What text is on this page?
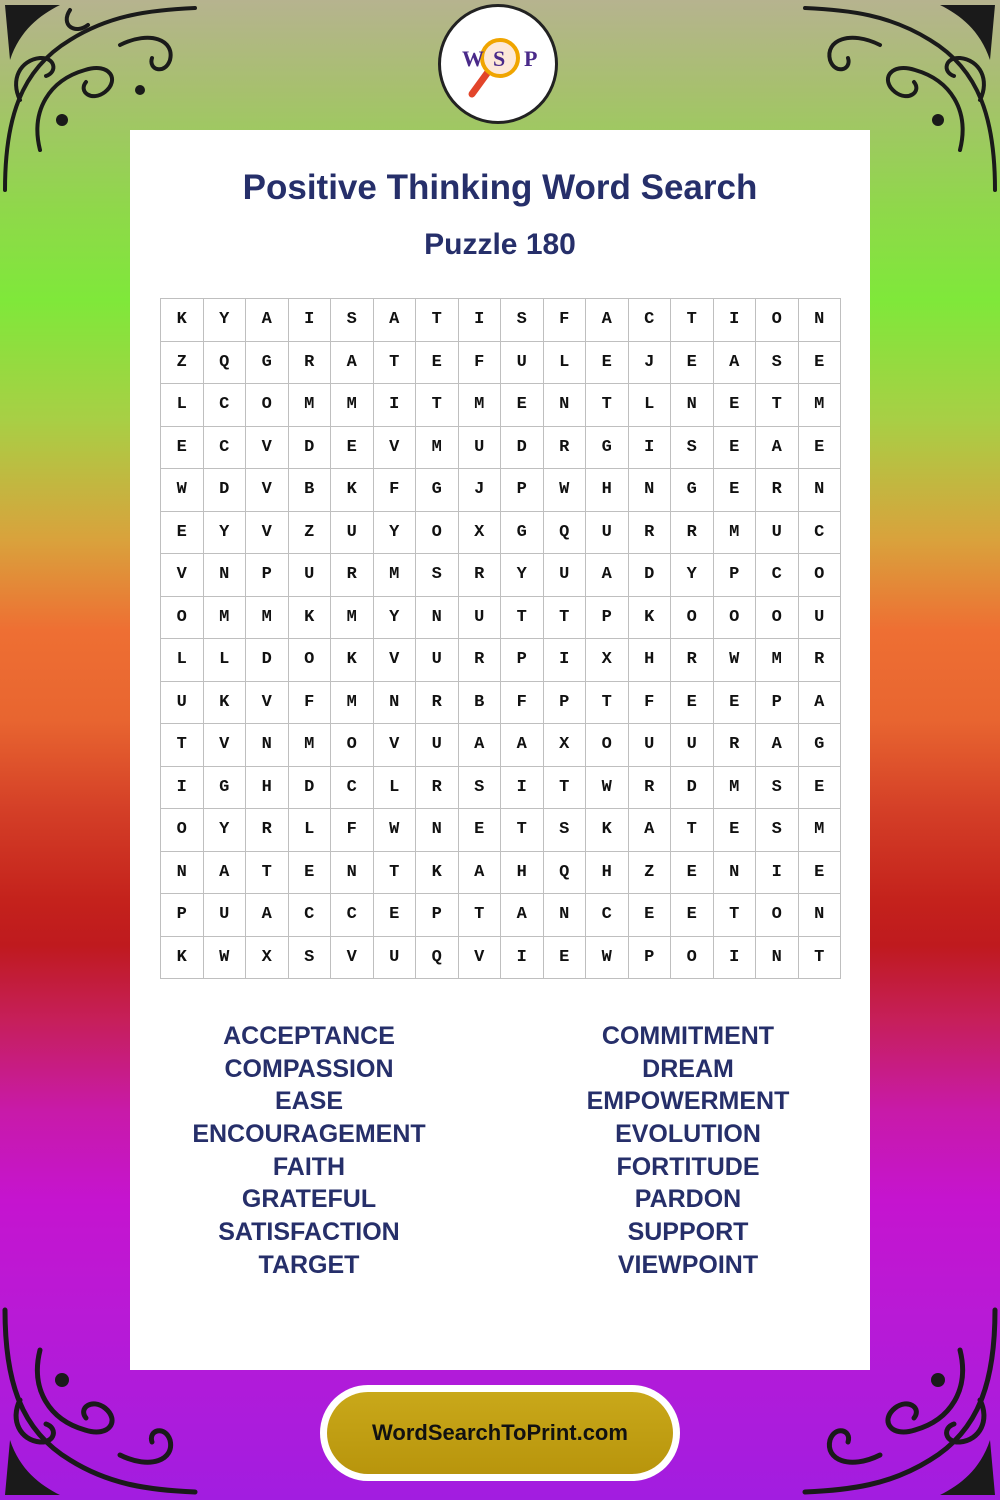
W S P
Positive Thinking Word Search
Puzzle 180
K	Y	A	I	S	A	T	I	S	F	A	C	T	I	O	N
Z	Q	G	R	A	T	E	F	U	L	E	J	E	A	S	E
L	C	O	M	M	I	T	M	E	N	T	L	N	E	T	M
E	C	V	D	E	V	M	U	D	R	G	I	S	E	A	E
W	D	V	B	K	F	G	J	P	W	H	N	G	E	R	N
E	Y	V	Z	U	Y	O	X	G	Q	U	R	R	M	U	C
V	N	P	U	R	M	S	R	Y	U	A	D	Y	P	C	O
O	M	M	K	M	Y	N	U	T	T	P	K	O	O	O	U
L	L	D	O	K	V	U	R	P	I	X	H	R	W	M	R
U	K	V	F	M	N	R	B	F	P	T	F	E	E	P	A
T	V	N	M	O	V	U	A	A	X	O	U	U	R	A	G
I	G	H	D	C	L	R	S	I	T	W	R	D	M	S	E
O	Y	R	L	F	W	N	E	T	S	K	A	T	E	S	M
N	A	T	E	N	T	K	A	H	Q	H	Z	E	N	I	E
P	U	A	C	C	E	P	T	A	N	C	E	E	T	O	N
K	W	X	S	V	U	Q	V	I	E	W	P	O	I	N	T
ACCEPTANCE
COMPASSION
EASE
ENCOURAGEMENT
FAITH
GRATEFUL
SATISFACTION
TARGET
COMMITMENT
DREAM
EMPOWERMENT
EVOLUTION
FORTITUDE
PARDON
SUPPORT
VIEWPOINT
WordSearchToPrint.com
